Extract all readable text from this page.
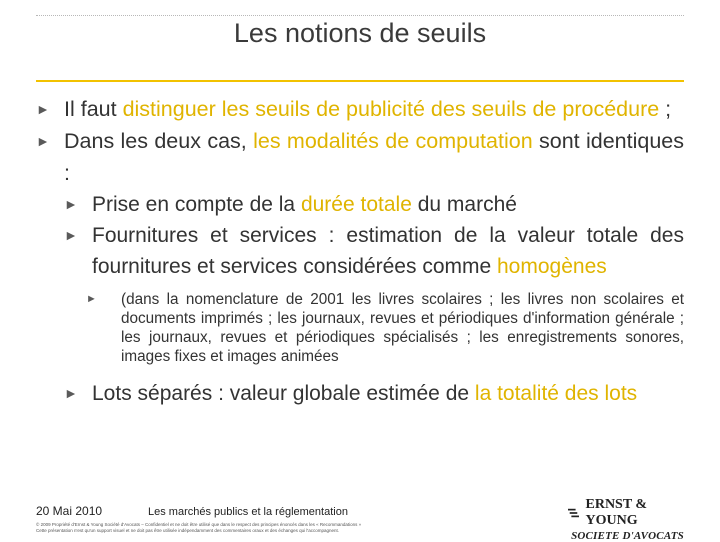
Les notions de seuils
► Il faut distinguer les seuils de publicité des seuils de procédure ;
► Dans les deux cas, les modalités de computation sont identiques :
► Prise en compte de la durée totale du marché
► Fournitures et services : estimation de la valeur totale des fournitures et services considérées comme homogènes
► (dans la nomenclature de 2001 les livres scolaires ; les livres non scolaires et documents imprimés ; les journaux, revues et périodiques d'information générale ; les journaux, revues et périodiques spécialisés ; les enregistrements sonores, images fixes et images animées
► Lots séparés : valeur globale estimée de la totalité des lots
20 Mai 2010	Les marchés publics et la réglementation
© 2009 Propriété d'Ernst & Young Société d'Avocats – Confidentiel et ne doit être utilisé que dans le respect des principes énoncés dans les « Recommandations »
Cette présentation n'est qu'un support visuel et ne doit pas être utilisée indépendamment des commentaires oraux et des échanges qui l'accompagnent.
ERNST & YOUNG
SOCIETE D'AVOCATS
